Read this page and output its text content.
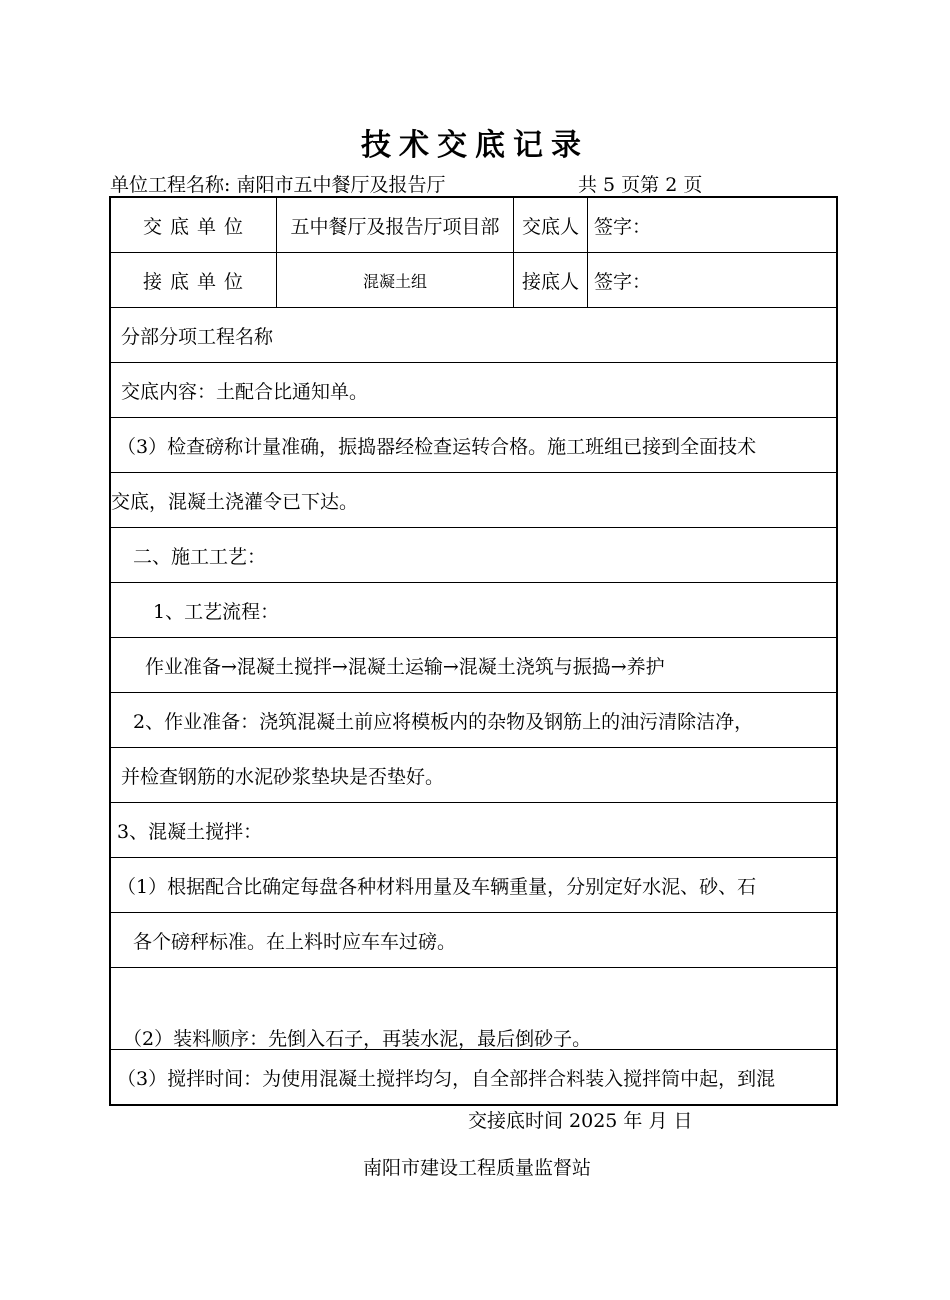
技术交底记录
单位工程名称: 南阳市五中餐厅及报告厅	共 5 页第 2 页
交 底 单 位	五中餐厅及报告厅项目部	交底人 签字：
接 底 单 位	混凝土组	接底人 签字：
分部分项工程名称
交底内容：土配合比通知单。
（3）检查磅称计量准确，振捣器经检查运转合格。施工班组已接到全面技术
交底，混凝土浇灌令已下达。
二、施工工艺：
1、工艺流程：
作业准备→混凝土搅拌→混凝土运输→混凝土浇筑与振捣→养护
2、作业准备：浇筑混凝土前应将模板内的杂物及钢筋上的油污清除洁净，
并检查钢筋的水泥砂浆垫块是否垫好。
3、混凝土搅拌：
（1）根据配合比确定每盘各种材料用量及车辆重量，分别定好水泥、砂、石
各个磅秤标准。在上料时应车车过磅。
（2）装料顺序：先倒入石子，再装水泥，最后倒砂子。
（3）搅拌时间：为使用混凝土搅拌均匀，自全部拌合料装入搅拌筒中起，到混
交接底时间 2025 年 月 日
南阳市建设工程质量监督站
